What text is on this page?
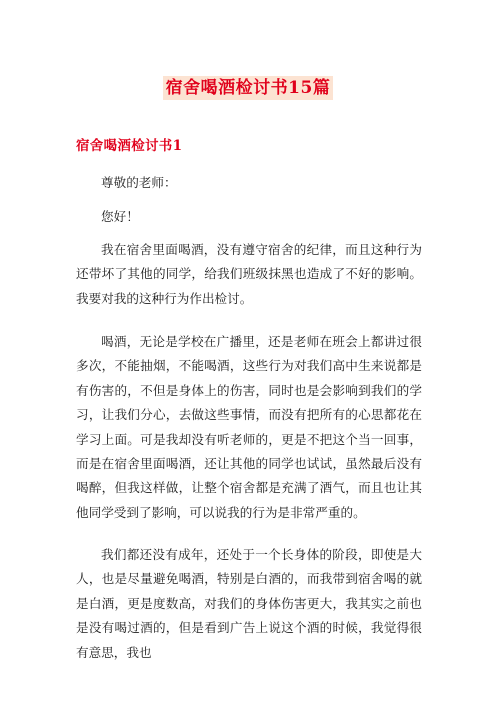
宿舍喝酒检讨书15篇
宿舍喝酒检讨书1

尊敬的老师：

您好！

我在宿舍里面喝酒，没有遵守宿舍的纪律，而且这种行为还带坏了其他的同学，给我们班级抹黑也造成了不好的影响。我要对我的这种行为作出检讨。

喝酒，无论是学校在广播里，还是老师在班会上都讲过很多次，不能抽烟，不能喝酒，这些行为对我们高中生来说都是有伤害的，不但是身体上的伤害，同时也是会影响到我们的学习，让我们分心，去做这些事情，而没有把所有的心思都花在学习上面。可是我却没有听老师的，更是不把这个当一回事，而是在宿舍里面喝酒，还让其他的同学也试试，虽然最后没有喝醉，但我这样做，让整个宿舍都是充满了酒气，而且也让其他同学受到了影响，可以说我的行为是非常严重的。

我们都还没有成年，还处于一个长身体的阶段，即使是大人，也是尽量避免喝酒，特别是白酒的，而我带到宿舍喝的就是白酒，更是度数高，对我们的身体伤害更大，我其实之前也是没有喝过酒的，但是看到广告上说这个酒的时候，我觉得很有意思，我也
